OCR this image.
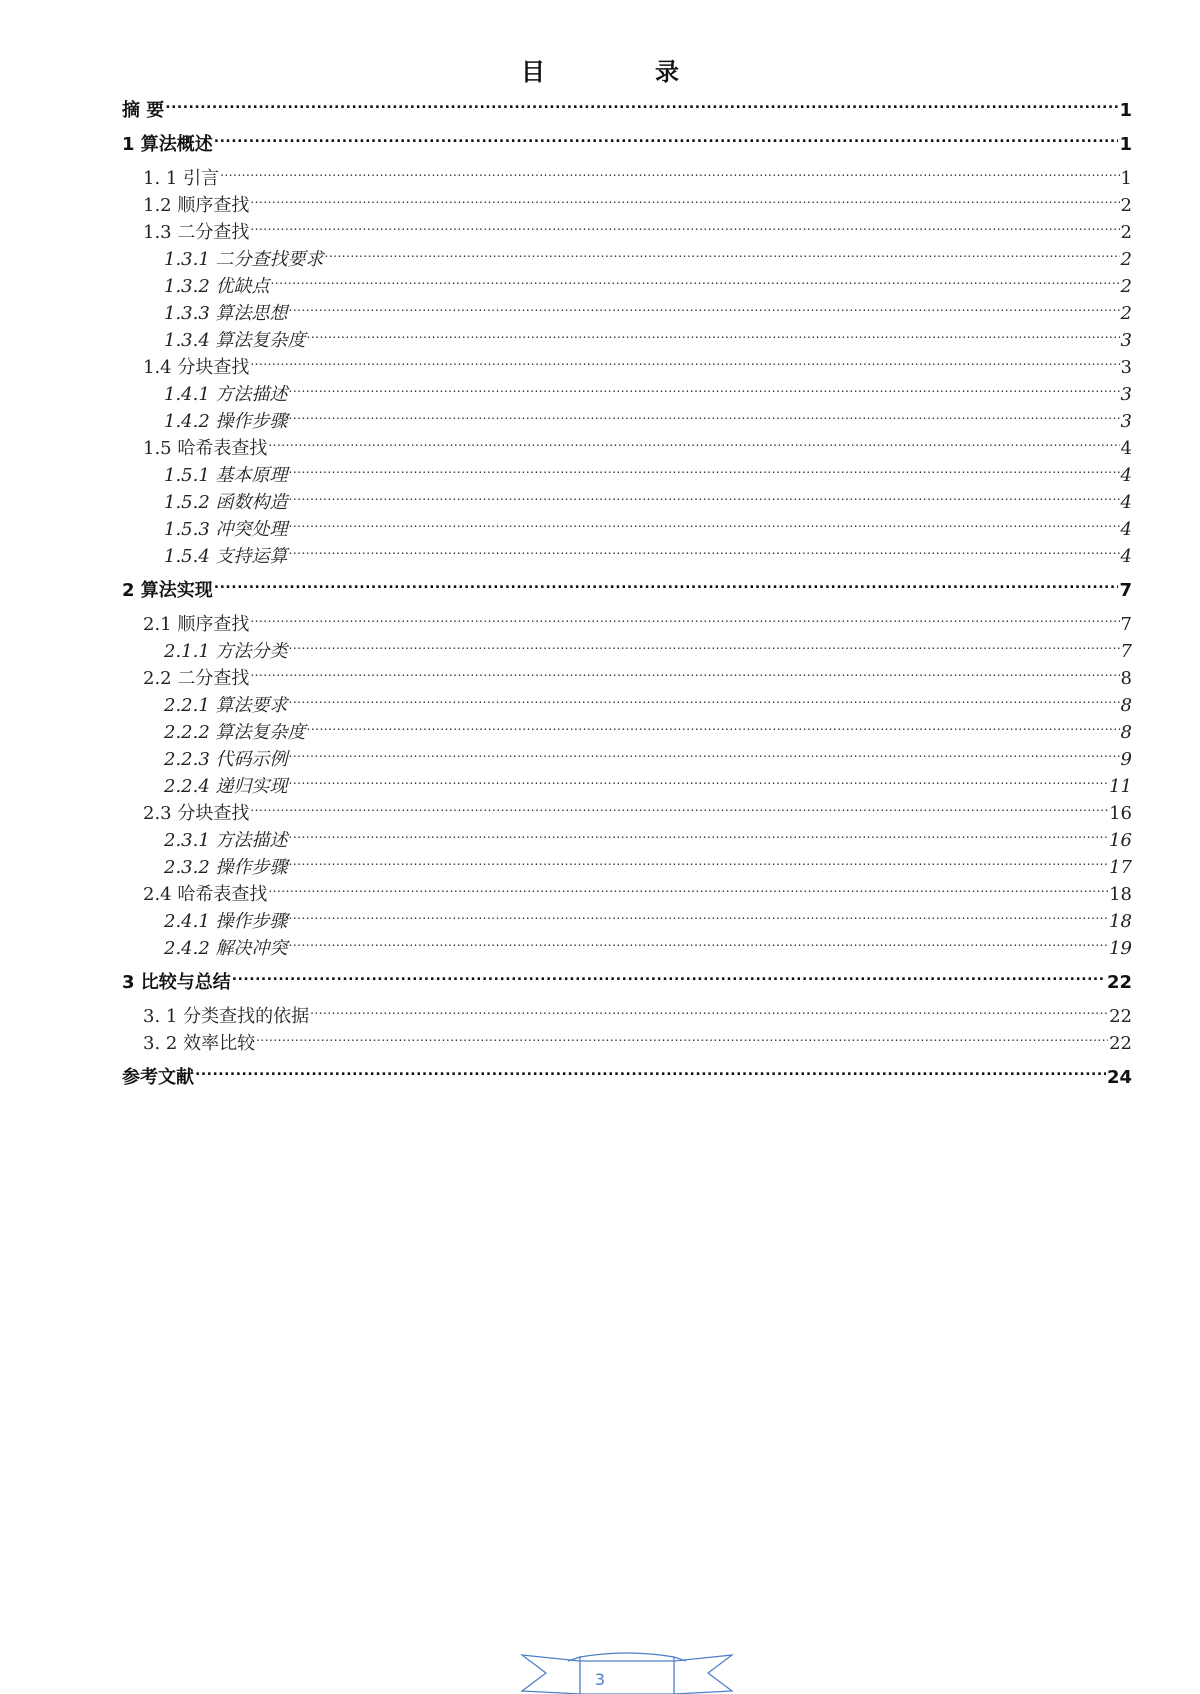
目	录
摘 要 .....	1
1 算法概述 .....	1
1. 1 引言 .....	1
1.2 顺序查找 .....	2
1.3 二分查找 .....	2
1.3.1 二分查找要求 .....	2
1.3.2 优缺点 .....	2
1.3.3 算法思想 .....	2
1.3.4 算法复杂度 .....	3
1.4 分块查找 .....	3
1.4.1 方法描述 .....	3
1.4.2 操作步骤 .....	3
1.5 哈希表查找 .....	4
1.5.1 基本原理 .....	4
1.5.2 函数构造 .....	4
1.5.3 冲突处理 .....	4
1.5.4 支持运算 .....	4
2 算法实现 .....	7
2.1 顺序查找 .....	7
2.1.1 方法分类 .....	7
2.2 二分查找 .....	8
2.2.1 算法要求 .....	8
2.2.2 算法复杂度 .....	8
2.2.3 代码示例 .....	9
2.2.4 递归实现 .....	11
2.3 分块查找 .....	16
2.3.1 方法描述 .....	16
2.3.2 操作步骤 .....	17
2.4 哈希表查找 .....	18
2.4.1 操作步骤 .....	18
2.4.2 解决冲突 .....	19
3 比较与总结 .....	22
3. 1 分类查找的依据 .....	22
3. 2 效率比较 .....	22
参考文献 .....	24
3
